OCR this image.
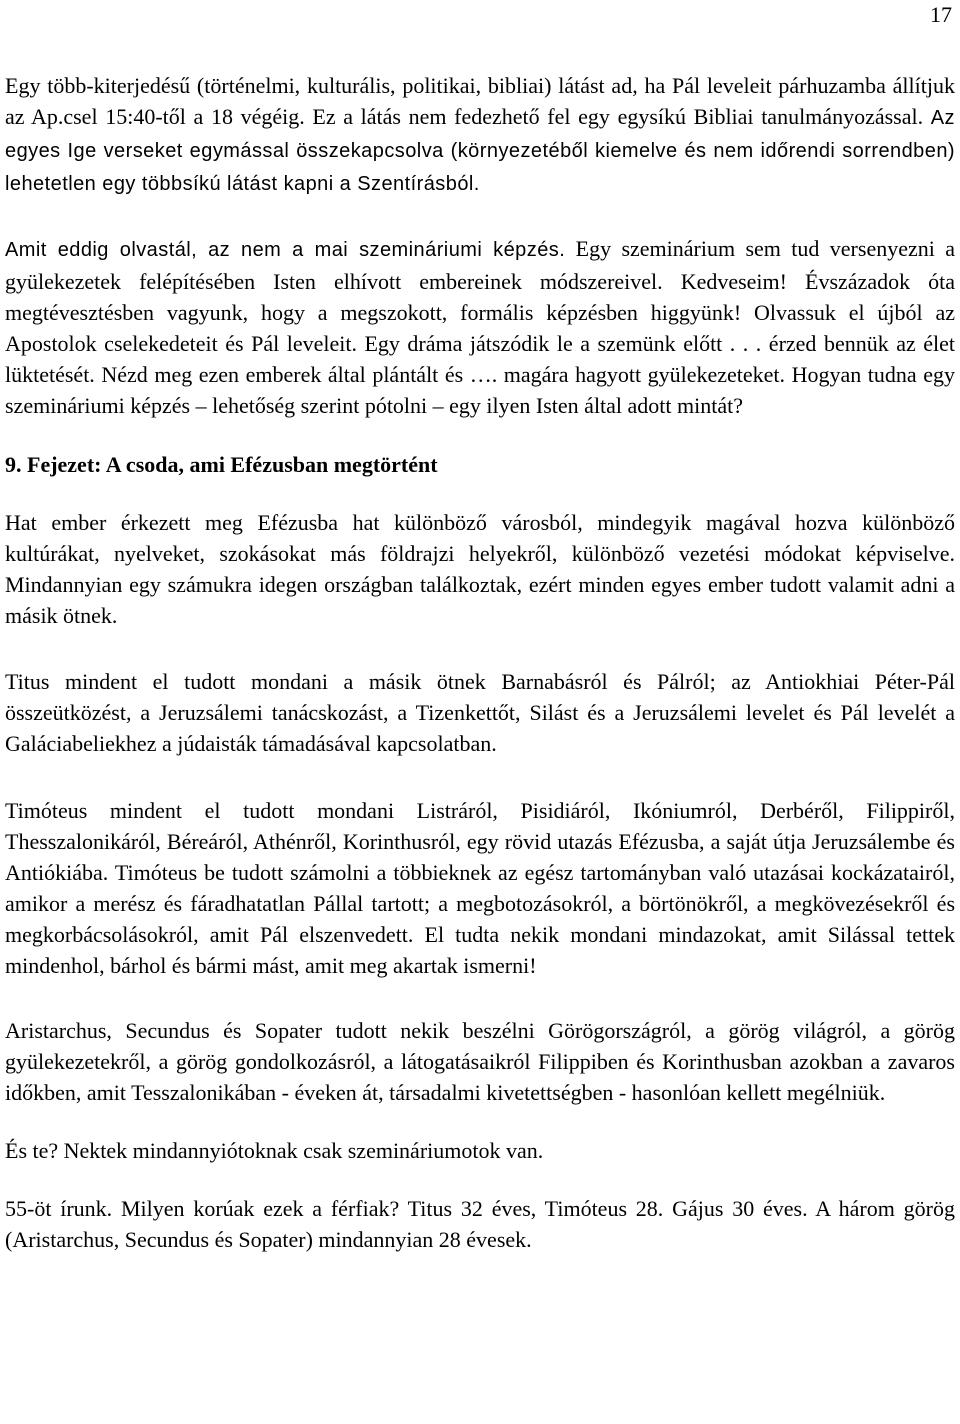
17

Egy több-kiterjedésű (történelmi, kulturális, politikai, bibliai) látást ad, ha Pál leveleit párhuzamba állítjuk az Ap.csel 15:40-től a 18 végéig. Ez a látás nem fedezhető fel egy egysíkú Bibliai tanulmányozással. Az egyes Ige verseket egymással összekapcsolva (környezetéből kiemelve és nem időrendi sorrendben) lehetetlen egy többsíkú látást kapni a Szentírásból.

Amit eddig olvastál, az nem a mai szemináriumi képzés. Egy szeminárium sem tud versenyezni a gyülekezetek felépítésében Isten elhívott embereinek módszereivel. Kedveseim! Évszázadok óta megtévesztésben vagyunk, hogy a megszokott, formális képzésben higgyünk! Olvassuk el újból az Apostolok cselekedeteit és Pál leveleit. Egy dráma játszódik le a szemünk előtt . . . érzed bennük az élet lüktetését. Nézd meg ezen emberek által plántált és …. magára hagyott gyülekezeteket. Hogyan tudna egy szemináriumi képzés – lehetőség szerint pótolni – egy ilyen Isten által adott mintát?

9. Fejezet: A csoda, ami Efézusban megtörtént

Hat ember érkezett meg Efézusba hat különböző városból, mindegyik magával hozva különböző kultúrákat, nyelveket, szokásokat más földrajzi helyekről, különböző vezetési módokat képviselve. Mindannyian egy számukra idegen országban találkoztak, ezért minden egyes ember tudott valamit adni a másik ötnek.

Titus mindent el tudott mondani a másik ötnek Barnabásról és Pálról; az Antiokhiai Péter-Pál összeütközést, a Jeruzsálemi tanácskozást, a Tizenkettőt, Silást és a Jeruzsálemi levelet és Pál levelét a Galáciabeliekhez a júdaisták támadásával kapcsolatban.

Timóteus mindent el tudott mondani Listráról, Pisidiáról, Ikóniumról, Derbéről, Filippiről, Thesszalonikáról, Béreáról, Athénről, Korinthusról, egy rövid utazás Efézusba, a saját útja Jeruzsálembe és Antiókiába. Timóteus be tudott számolni a többieknek az egész tartományban való utazásai kockázatairól, amikor a merész és fáradhatatlan Pállal tartott; a megbotozásokról, a börtönökről, a megkövezésekről és megkorbácsolásokról, amit Pál elszenvedett. El tudta nekik mondani mindazokat, amit Silással tettek mindenhol, bárhol és bármi mást, amit meg akartak ismerni!

Aristarchus, Secundus és Sopater tudott nekik beszélni Görögországról, a görög világról, a görög gyülekezetekről, a görög gondolkozásról, a látogatásaikról Filippiben és Korinthusban azokban a zavaros időkben, amit Tesszalonikában - éveken át, társadalmi kivetettségben - hasonlóan kellett megélniük.

És te? Nektek mindannyiótoknak csak szemináriumotok van.

55-öt írunk. Milyen korúak ezek a férfiak? Titus 32 éves, Timóteus 28. Gájus 30 éves. A három görög (Aristarchus, Secundus és Sopater) mindannyian 28 évesek.
